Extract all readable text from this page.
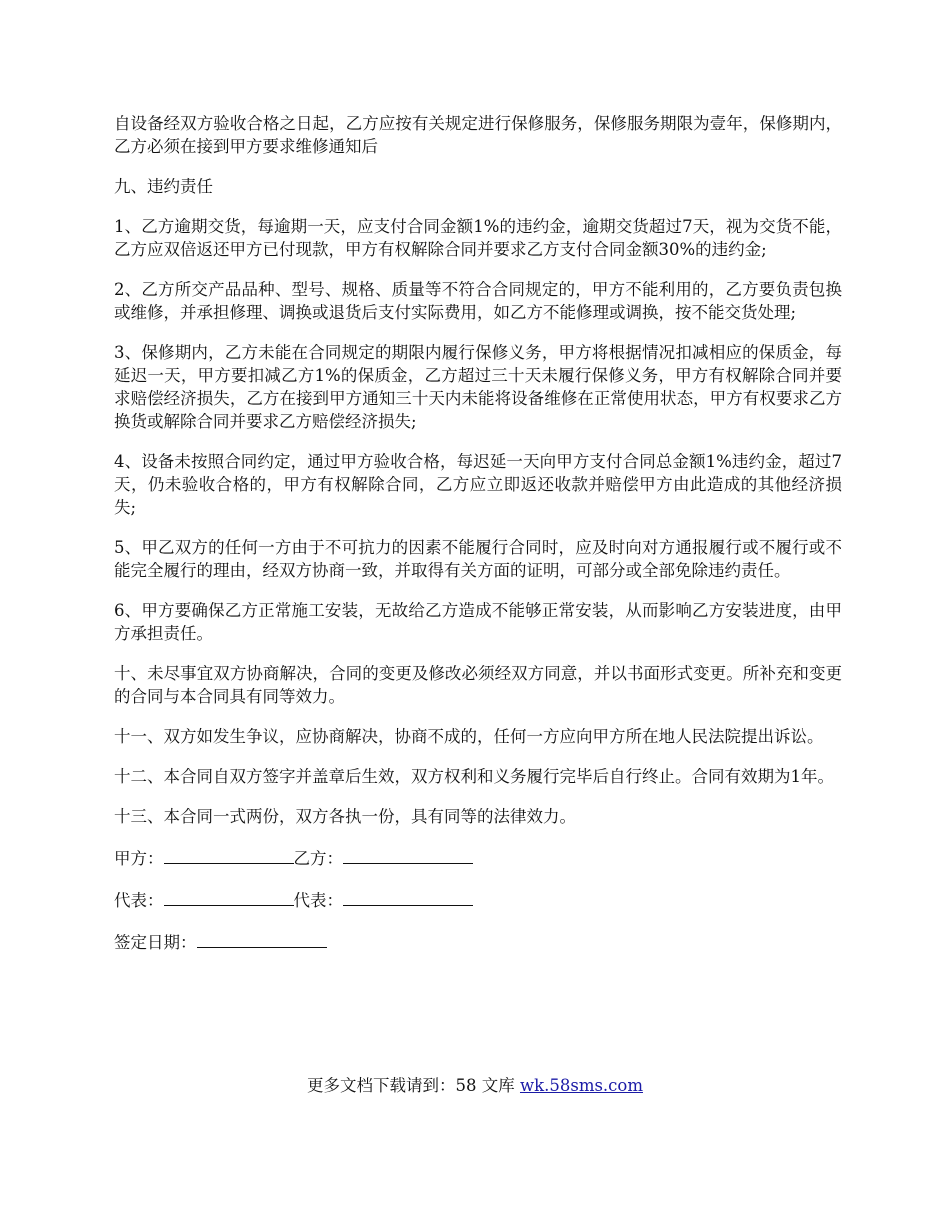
自设备经双方验收合格之日起，乙方应按有关规定进行保修服务，保修服务期限为壹年，保修期内，乙方必须在接到甲方要求维修通知后

九、违约责任

1、乙方逾期交货，每逾期一天，应支付合同金额1%的违约金，逾期交货超过7天，视为交货不能，乙方应双倍返还甲方已付现款，甲方有权解除合同并要求乙方支付合同金额30%的违约金;

2、乙方所交产品品种、型号、规格、质量等不符合合同规定的，甲方不能利用的，乙方要负责包换或维修，并承担修理、调换或退货后支付实际费用，如乙方不能修理或调换，按不能交货处理;

3、保修期内，乙方未能在合同规定的期限内履行保修义务，甲方将根据情况扣减相应的保质金，每延迟一天，甲方要扣减乙方1%的保质金，乙方超过三十天未履行保修义务，甲方有权解除合同并要求赔偿经济损失，乙方在接到甲方通知三十天内未能将设备维修在正常使用状态，甲方有权要求乙方换货或解除合同并要求乙方赔偿经济损失;

4、设备未按照合同约定，通过甲方验收合格，每迟延一天向甲方支付合同总金额1%违约金，超过7天，仍未验收合格的，甲方有权解除合同，乙方应立即返还收款并赔偿甲方由此造成的其他经济损失;

5、甲乙双方的任何一方由于不可抗力的因素不能履行合同时，应及时向对方通报履行或不履行或不能完全履行的理由，经双方协商一致，并取得有关方面的证明，可部分或全部免除违约责任。

6、甲方要确保乙方正常施工安装，无故给乙方造成不能够正常安装，从而影响乙方安装进度，由甲方承担责任。

十、未尽事宜双方协商解决，合同的变更及修改必须经双方同意，并以书面形式变更。所补充和变更的合同与本合同具有同等效力。

十一、双方如发生争议，应协商解决，协商不成的，任何一方应向甲方所在地人民法院提出诉讼。

十二、本合同自双方签字并盖章后生效，双方权利和义务履行完毕后自行终止。合同有效期为1年。

十三、本合同一式两份，双方各执一份，具有同等的法律效力。

甲方：	乙方：
代表：	代表：
签定日期：
更多文档下载请到：58 文库 wk.58sms.com
